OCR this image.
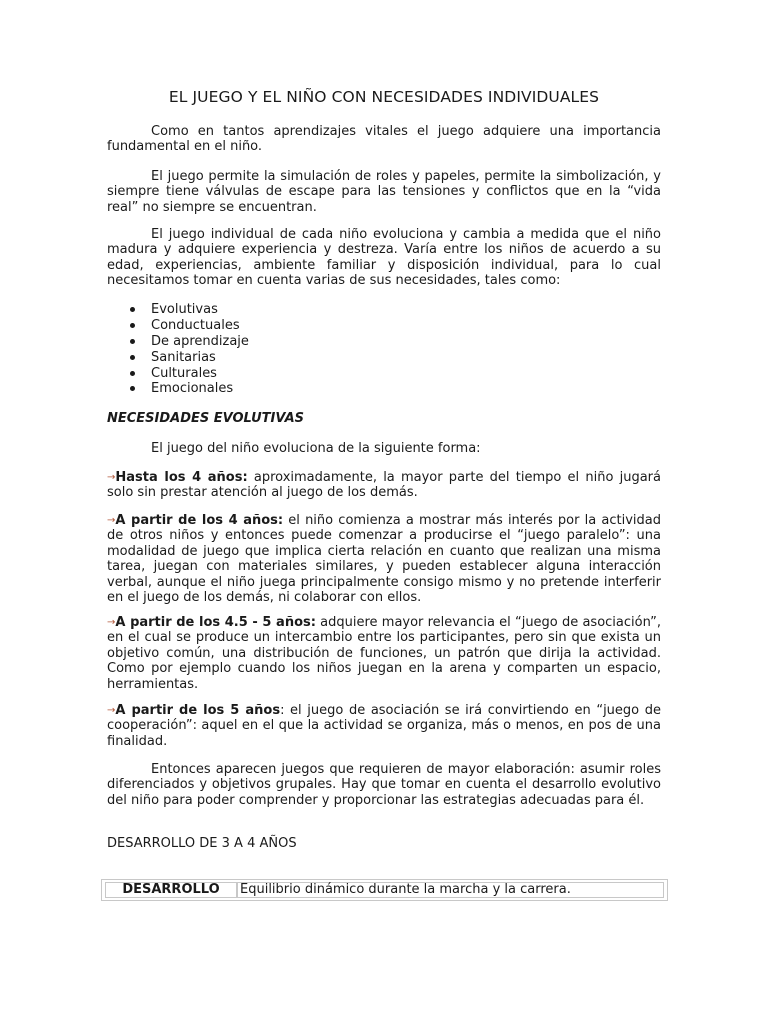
EL JUEGO Y EL NIÑO CON NECESIDADES INDIVIDUALES

Como en tantos aprendizajes vitales el juego adquiere una importancia fundamental en el niño.

El juego permite la simulación de roles y papeles, permite la simbolización, y siempre tiene válvulas de escape para las tensiones y conflictos que en la “vida real” no siempre se encuentran.

El juego individual de cada niño evoluciona y cambia a medida que el niño madura y adquiere experiencia y destreza. Varía entre los niños de acuerdo a su edad, experiencias, ambiente familiar y disposición individual, para lo cual necesitamos tomar en cuenta varias de sus necesidades, tales como:

Evolutivas
Conductuales
De aprendizaje
Sanitarias
Culturales
Emocionales

NECESIDADES EVOLUTIVAS

El juego del niño evoluciona de la siguiente forma:

→Hasta los 4 años: aproximadamente, la mayor parte del tiempo el niño jugará solo sin prestar atención al juego de los demás.

→A partir de los 4 años: el niño comienza a mostrar más interés por la actividad de otros niños y entonces puede comenzar a producirse el “juego paralelo”: una modalidad de juego que implica cierta relación en cuanto que realizan una misma tarea, juegan con materiales similares, y pueden establecer alguna interacción verbal, aunque el niño juega principalmente consigo mismo y no pretende interferir en el juego de los demás, ni colaborar con ellos.

→A partir de los 4.5 - 5 años: adquiere mayor relevancia el “juego de asociación”, en el cual se produce un intercambio entre los participantes, pero sin que exista un objetivo común, una distribución de funciones, un patrón que dirija la actividad. Como por ejemplo cuando los niños juegan en la arena y comparten un espacio, herramientas.

→A partir de los 5 años: el juego de asociación se irá convirtiendo en “juego de cooperación”: aquel en el que la actividad se organiza, más o menos, en pos de una finalidad.

Entonces aparecen juegos que requieren de mayor elaboración: asumir roles diferenciados y objetivos grupales. Hay que tomar en cuenta el desarrollo evolutivo del niño para poder comprender y proporcionar las estrategias adecuadas para él.

DESARROLLO DE 3 A 4 AÑOS

DESARROLLO	Equilibrio dinámico durante la marcha y la carrera.
